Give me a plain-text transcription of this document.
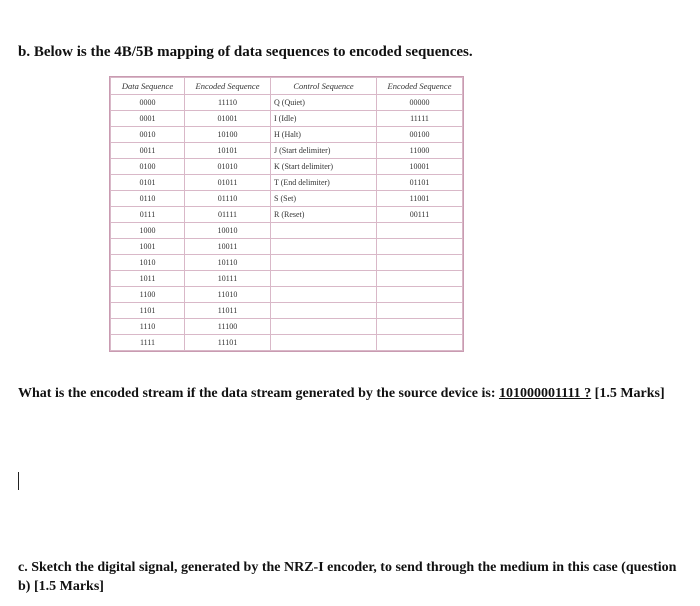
b. Below is the 4B/5B mapping of data sequences to encoded sequences.
Data Sequence	Encoded Sequence	Control Sequence	Encoded Sequence
0000	11110	Q (Quiet)	00000
0001	01001	I (Idle)	11111
0010	10100	H (Halt)	00100
0011	10101	J (Start delimiter)	11000
0100	01010	K (Start delimiter)	10001
0101	01011	T (End delimiter)	01101
0110	01110	S (Set)	11001
0111	01111	R (Reset)	00111
1000	10010		
1001	10011		
1010	10110		
1011	10111		
1100	11010		
1101	11011		
1110	11100		
1111	11101		
What is the encoded stream if the data stream generated by the source device is: 101000001111 ? [1.5 Marks]
c. Sketch the digital signal, generated by the NRZ-I encoder, to send through the medium in this case (question b) [1.5 Marks]
